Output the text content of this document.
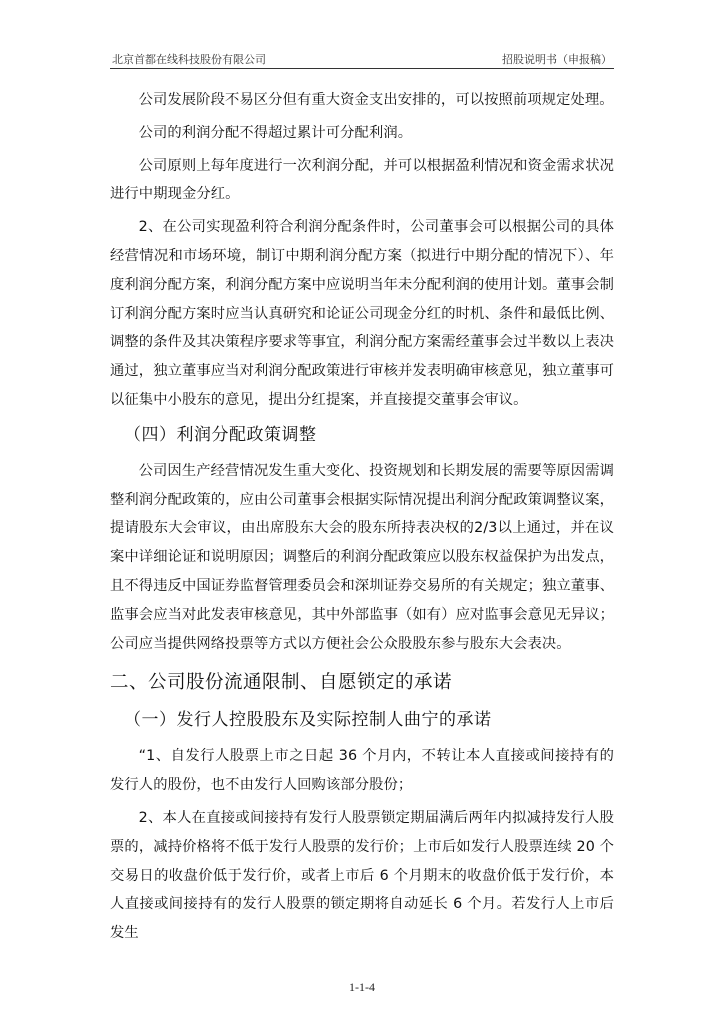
北京首都在线科技股份有限公司	招股说明书（申报稿）

公司发展阶段不易区分但有重大资金支出安排的，可以按照前项规定处理。

公司的利润分配不得超过累计可分配利润。

公司原则上每年度进行一次利润分配，并可以根据盈利情况和资金需求状况进行中期现金分红。

2、在公司实现盈利符合利润分配条件时，公司董事会可以根据公司的具体经营情况和市场环境，制订中期利润分配方案（拟进行中期分配的情况下）、年度利润分配方案，利润分配方案中应说明当年未分配利润的使用计划。董事会制订利润分配方案时应当认真研究和论证公司现金分红的时机、条件和最低比例、调整的条件及其决策程序要求等事宜，利润分配方案需经董事会过半数以上表决通过，独立董事应当对利润分配政策进行审核并发表明确审核意见，独立董事可以征集中小股东的意见，提出分红提案，并直接提交董事会审议。

（四）利润分配政策调整

公司因生产经营情况发生重大变化、投资规划和长期发展的需要等原因需调整利润分配政策的，应由公司董事会根据实际情况提出利润分配政策调整议案，提请股东大会审议，由出席股东大会的股东所持表决权的2/3以上通过，并在议案中详细论证和说明原因；调整后的利润分配政策应以股东权益保护为出发点，且不得违反中国证券监督管理委员会和深圳证券交易所的有关规定；独立董事、监事会应当对此发表审核意见，其中外部监事（如有）应对监事会意见无异议；公司应当提供网络投票等方式以方便社会公众股股东参与股东大会表决。

二、公司股份流通限制、自愿锁定的承诺
（一）发行人控股股东及实际控制人曲宁的承诺

“1、自发行人股票上市之日起 36 个月内，不转让本人直接或间接持有的发行人的股份，也不由发行人回购该部分股份；

2、本人在直接或间接持有发行人股票锁定期届满后两年内拟减持发行人股票的，减持价格将不低于发行人股票的发行价；上市后如发行人股票连续 20 个交易日的收盘价低于发行价，或者上市后 6 个月期末的收盘价低于发行价，本人直接或间接持有的发行人股票的锁定期将自动延长 6 个月。若发行人上市后发生

1-1-4
